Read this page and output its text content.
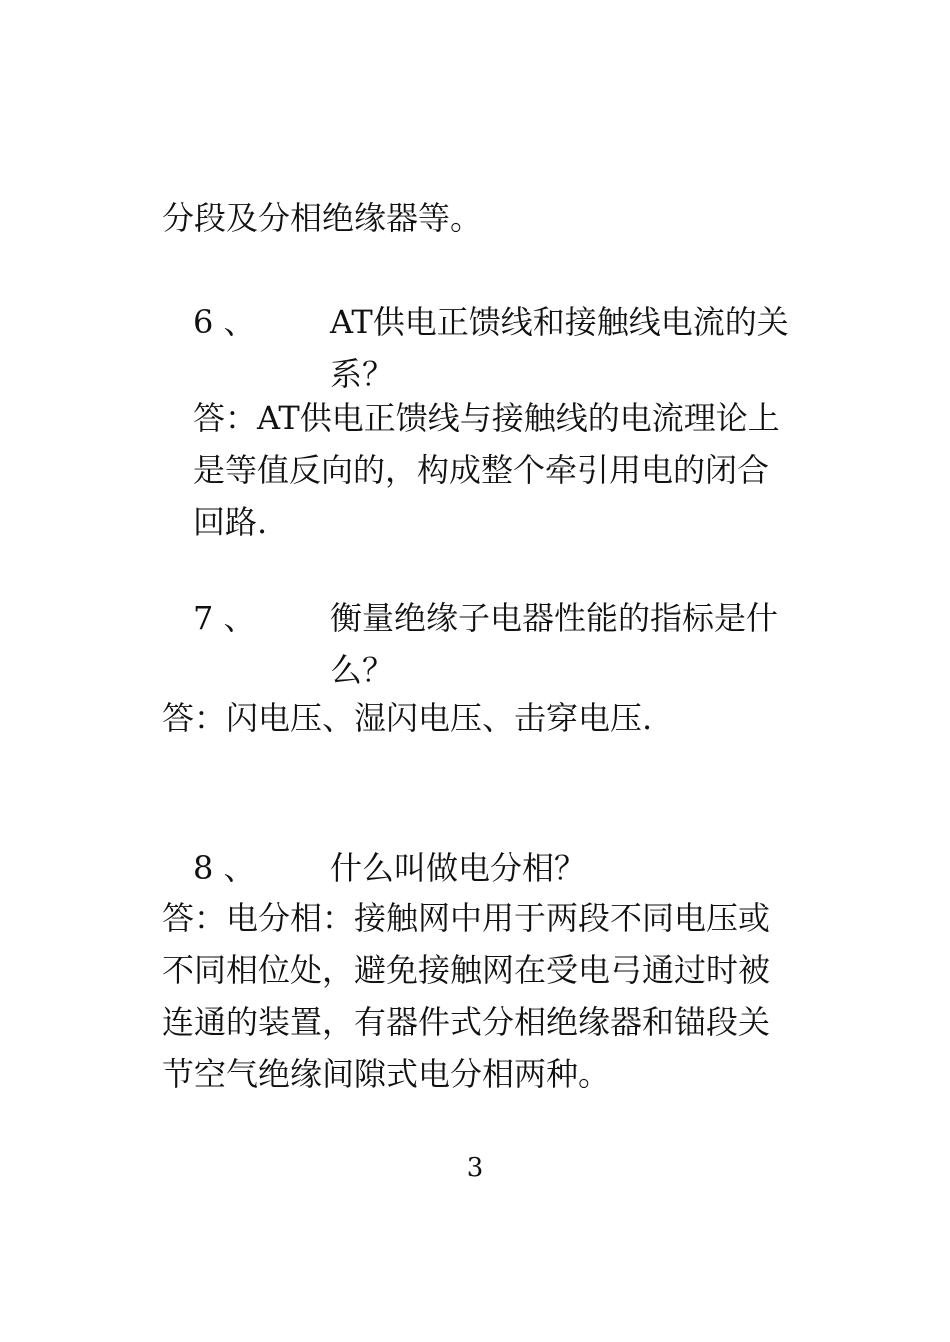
分段及分相绝缘器等。
6 、 AT供电正馈线和接触线电流的关
系？
答：AT供电正馈线与接触线的电流理论上
是等值反向的，构成整个牵引用电的闭合
回路.
7 、 衡量绝缘子电器性能的指标是什
么？
答：闪电压、湿闪电压、击穿电压.
8 、 什么叫做电分相？
答：电分相：接触网中用于两段不同电压或
不同相位处，避免接触网在受电弓通过时被
连通的装置，有器件式分相绝缘器和锚段关
节空气绝缘间隙式电分相两种。
3
